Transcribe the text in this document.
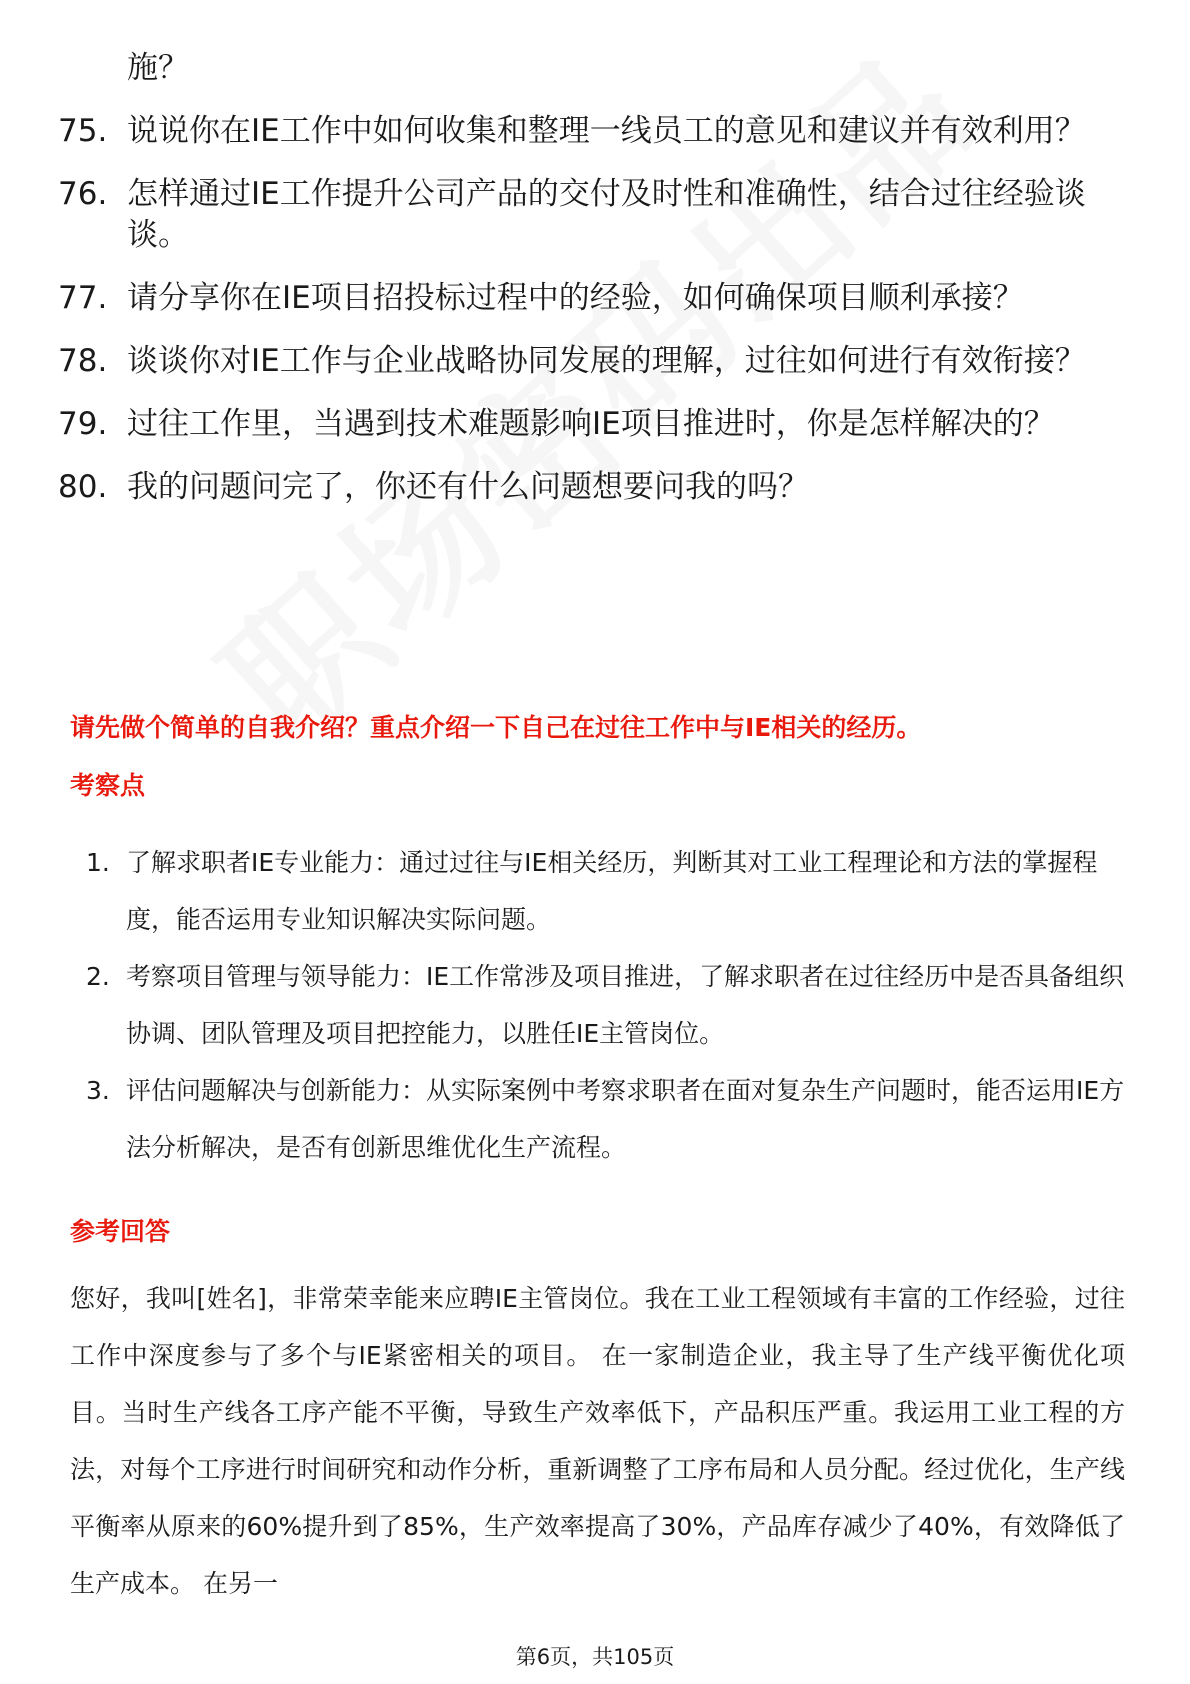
施？
75. 说说你在IE工作中如何收集和整理一线员工的意见和建议并有效利用？
76. 怎样通过IE工作提升公司产品的交付及时性和准确性，结合过往经验谈谈。
77. 请分享你在IE项目招投标过程中的经验，如何确保项目顺利承接？
78. 谈谈你对IE工作与企业战略协同发展的理解，过往如何进行有效衔接？
79. 过往工作里，当遇到技术难题影响IE项目推进时，你是怎样解决的？
80. 我的问题问完了，你还有什么问题想要问我的吗？
请先做个简单的自我介绍？重点介绍一下自己在过往工作中与IE相关的经历。
考察点
1. 了解求职者IE专业能力：通过过往与IE相关经历，判断其对工业工程理论和方法的掌握程度，能否运用专业知识解决实际问题。
2. 考察项目管理与领导能力：IE工作常涉及项目推进，了解求职者在过往经历中是否具备组织协调、团队管理及项目把控能力，以胜任IE主管岗位。
3. 评估问题解决与创新能力：从实际案例中考察求职者在面对复杂生产问题时，能否运用IE方法分析解决，是否有创新思维优化生产流程。
参考回答

您好，我叫[姓名]，非常荣幸能来应聘IE主管岗位。我在工业工程领域有丰富的工作经验，过往工作中深度参与了多个与IE紧密相关的项目。 在一家制造企业，我主导了生产线平衡优化项目。当时生产线各工序产能不平衡，导致生产效率低下，产品积压严重。我运用工业工程的方法，对每个工序进行时间研究和动作分析，重新调整了工序布局和人员分配。经过优化，生产线平衡率从原来的60%提升到了85%，生产效率提高了30%，产品库存减少了40%，有效降低了生产成本。 在另一

第6页，共105页
